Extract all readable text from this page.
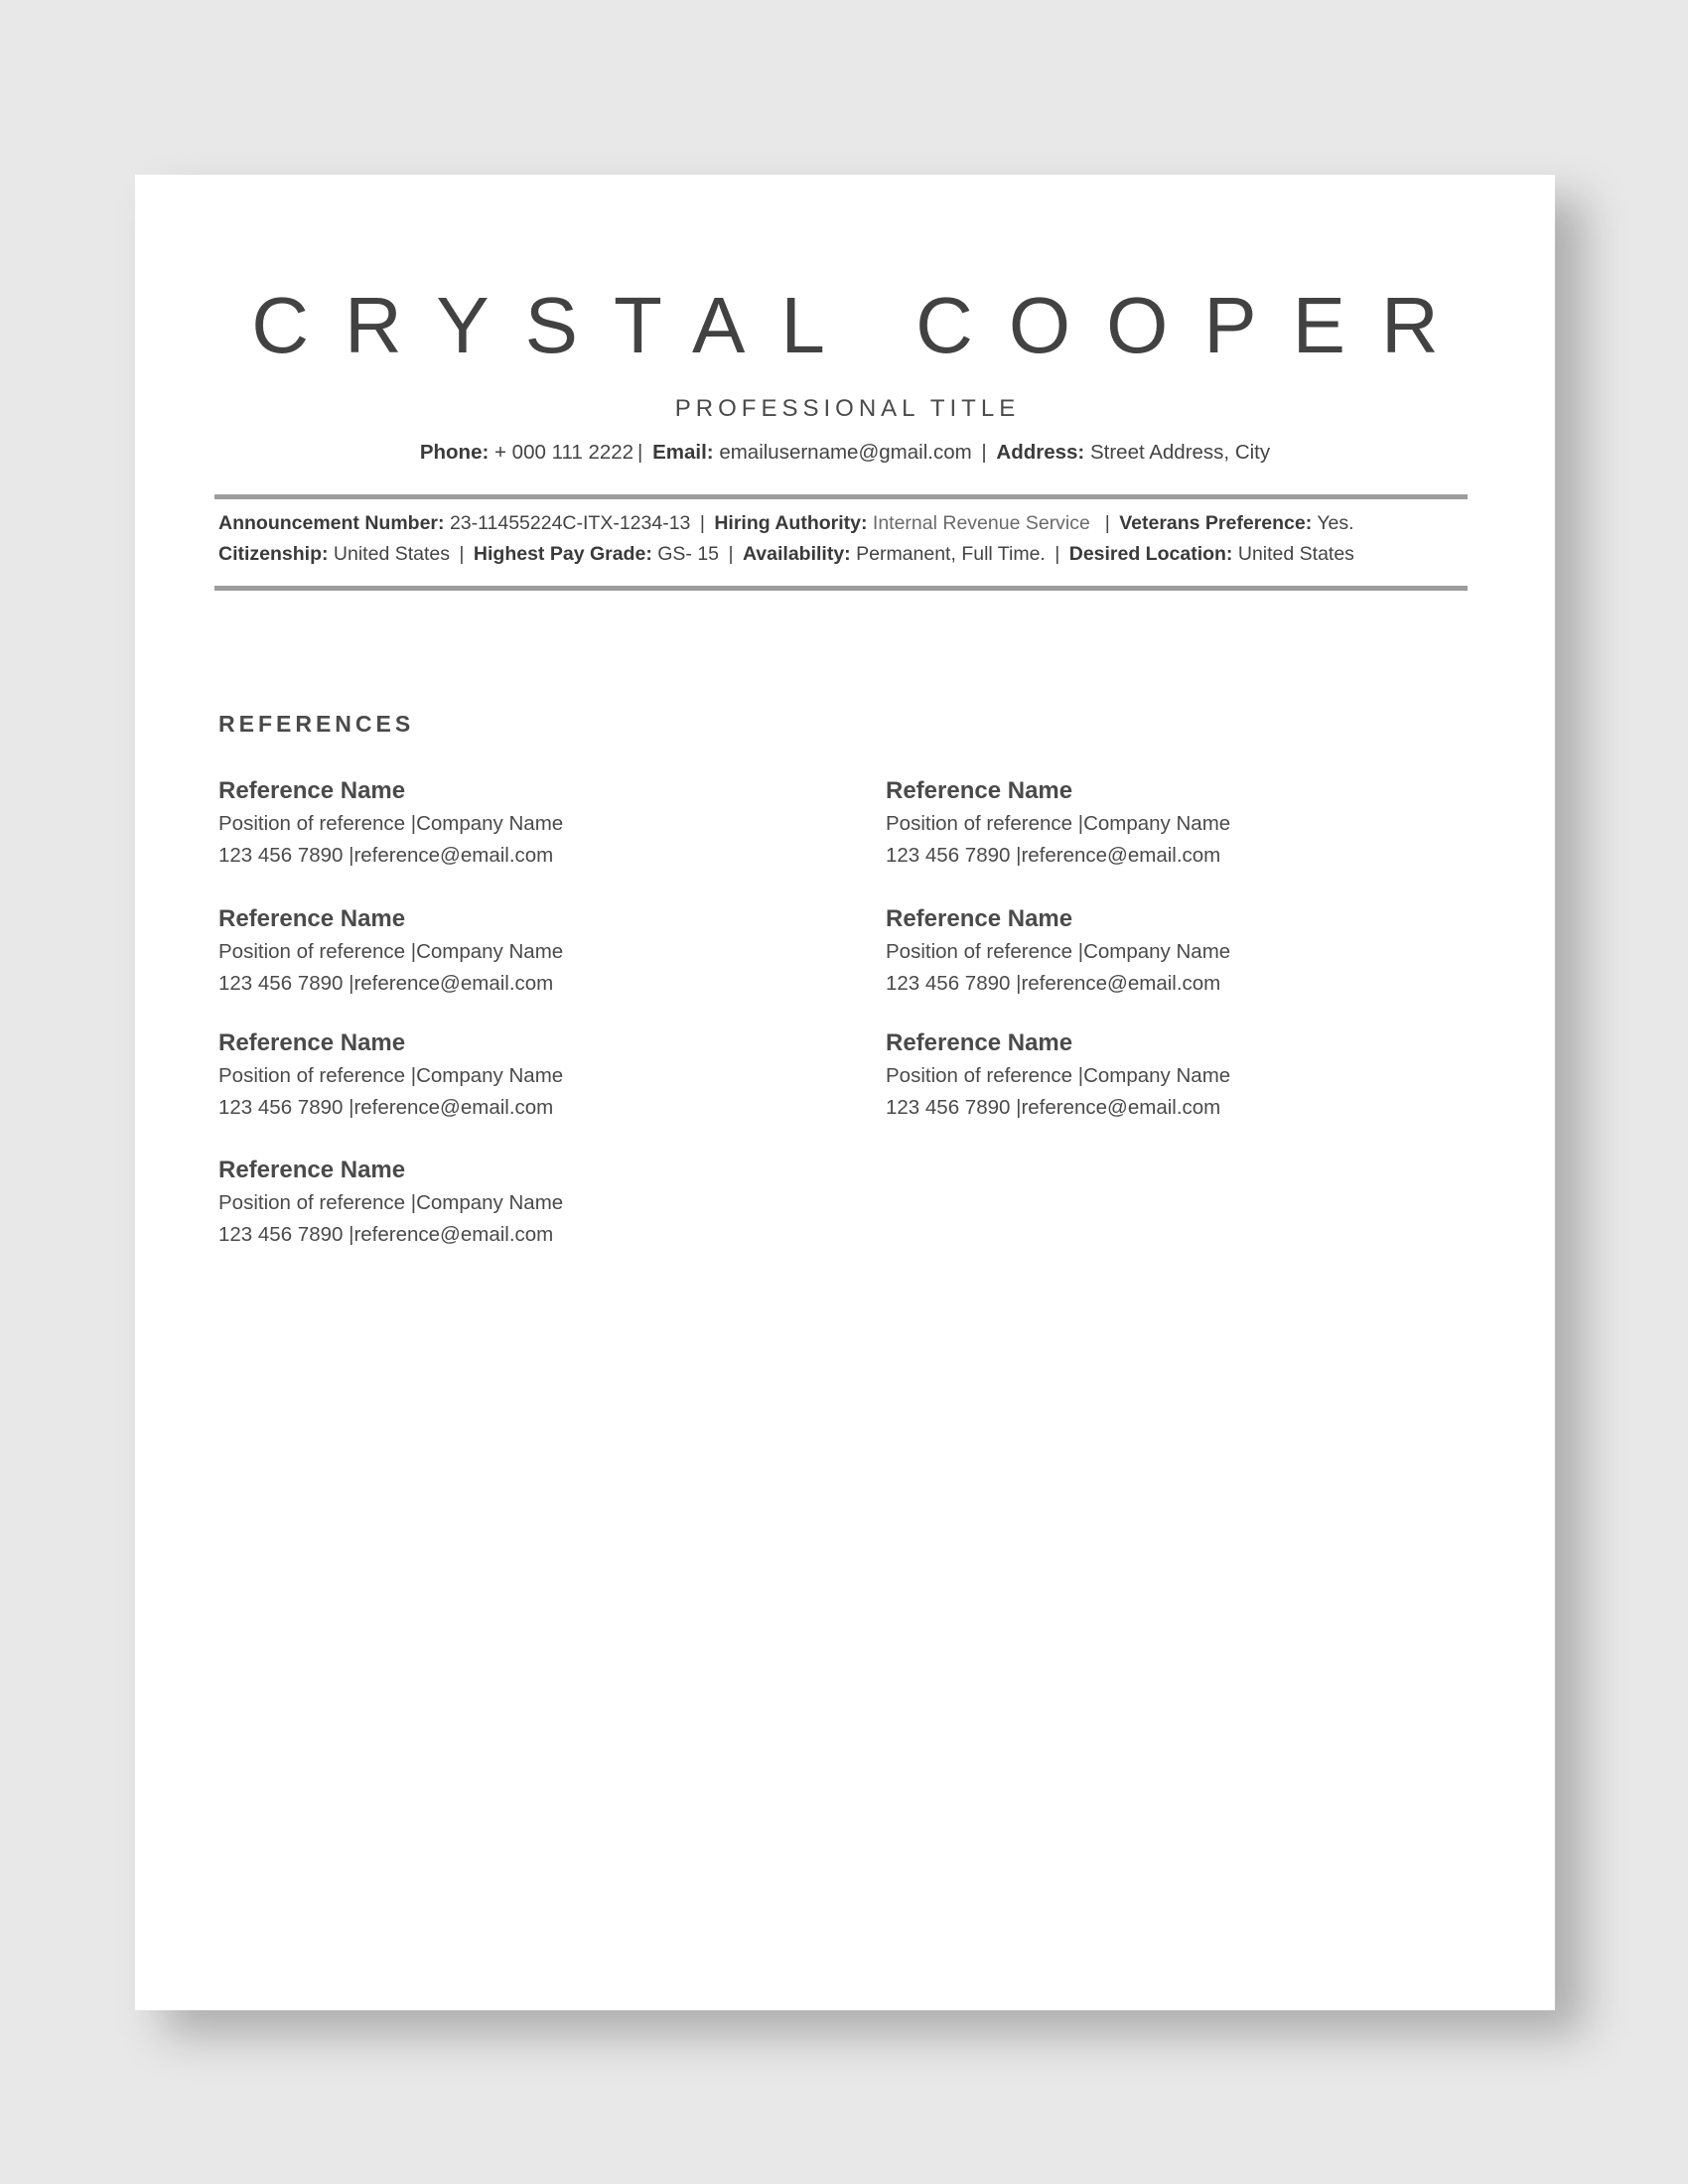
CRYSTAL COOPER
PROFESSIONAL TITLE
Phone: + 000 111 2222 | Email: emailusername@gmail.com | Address: Street Address, City
Announcement Number: 23-11455224C-ITX-1234-13 | Hiring Authority: Internal Revenue Service  | Veterans Preference: Yes.
Citizenship: United States | Highest Pay Grade: GS- 15 | Availability: Permanent, Full Time. | Desired Location: United States
REFERENCES
Reference Name
Position of reference |Company Name
123 456 7890 |reference@email.com
Reference Name
Position of reference |Company Name
123 456 7890 |reference@email.com
Reference Name
Position of reference |Company Name
123 456 7890 |reference@email.com
Reference Name
Position of reference |Company Name
123 456 7890 |reference@email.com
Reference Name
Position of reference |Company Name
123 456 7890 |reference@email.com
Reference Name
Position of reference |Company Name
123 456 7890 |reference@email.com
Reference Name
Position of reference |Company Name
123 456 7890 |reference@email.com
